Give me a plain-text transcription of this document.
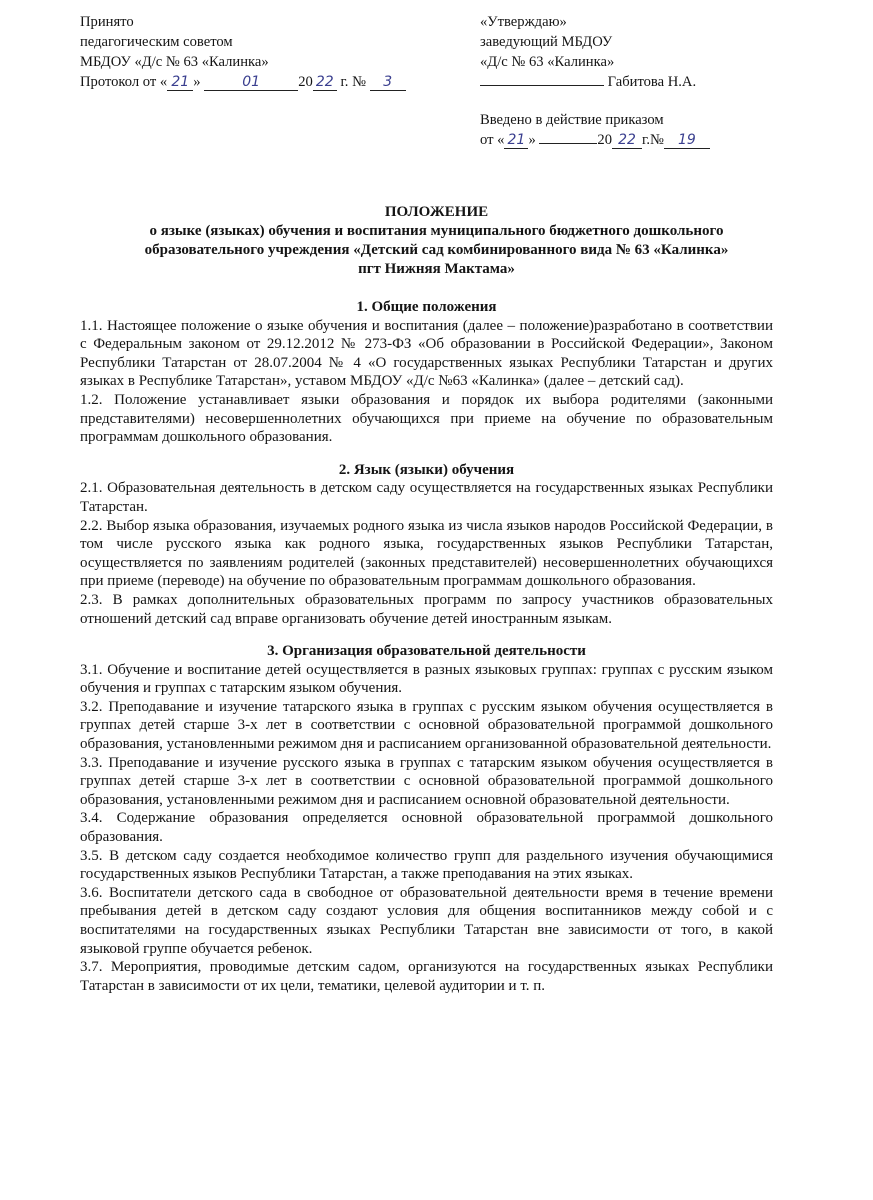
Принято
педагогическим советом
МБДОУ «Д/с № 63 «Калинка»
Протокол от « 21 »	01	20 22 г. № 3
«Утверждаю»
заведующий МБДОУ
«Д/с № 63 «Калинка»
Габитова Н.А.
Введено в действие приказом
от « 21 »	20 22 г.№ 19
ПОЛОЖЕНИЕ
о языке (языках) обучения и воспитания муниципального бюджетного дошкольного
образовательного учреждения «Детский сад комбинированного вида № 63 «Калинка»
пгт Нижняя Мактама»

1. Общие положения

1.1. Настоящее положение о языке обучения и воспитания (далее – положение)разработано в соответствии с Федеральным законом от 29.12.2012 № 273-ФЗ «Об образовании в Российской Федерации», Законом Республики Татарстан от 28.07.2004 № 4 «О государственных языках Республики Татарстан и других языках в Республике Татарстан», уставом МБДОУ «Д/с №63 «Калинка» (далее – детский сад).

1.2. Положение устанавливает языки образования и порядок их выбора родителями (законными представителями) несовершеннолетних обучающихся при приеме на обучение по образовательным программам дошкольного образования.

2. Язык (языки) обучения

2.1. Образовательная деятельность в детском саду осуществляется на государственных языках Республики Татарстан.

2.2. Выбор языка образования, изучаемых родного языка из числа языков народов Российской Федерации, в том числе русского языка как родного языка, государственных языков Республики Татарстан, осуществляется по заявлениям родителей (законных представителей) несовершеннолетних обучающихся при приеме (переводе) на обучение по образовательным программам дошкольного образования.

2.3. В рамках дополнительных образовательных программ по запросу участников образовательных отношений детский сад вправе организовать обучение детей иностранным языкам.

3. Организация образовательной деятельности

3.1. Обучение и воспитание детей осуществляется в разных языковых группах: группах с русским языком обучения и группах с татарским языком обучения.

3.2. Преподавание и изучение татарского языка в группах с русским языком обучения осуществляется в группах детей старше 3-х лет в соответствии с основной образовательной программой дошкольного образования, установленными режимом дня и расписанием организованной образовательной деятельности.

3.3. Преподавание и изучение русского языка в группах с татарским языком обучения осуществляется в группах детей старше 3-х лет в соответствии с основной образовательной программой дошкольного образования, установленными режимом дня и расписанием основной образовательной деятельности.

3.4. Содержание образования определяется основной образовательной программой дошкольного образования.

3.5. В детском саду создается необходимое количество групп для раздельного изучения обучающимися государственных языков Республики Татарстан, а также преподавания на этих языках.

3.6. Воспитатели детского сада в свободное от образовательной деятельности время в течение времени пребывания детей в детском саду создают условия для общения воспитанников между собой и с воспитателями на государственных языках Республики Татарстан вне зависимости от того, в какой языковой группе обучается ребенок.

3.7. Мероприятия, проводимые детским садом, организуются на государственных языках Республики Татарстан в зависимости от их цели, тематики, целевой аудитории и т. п.
